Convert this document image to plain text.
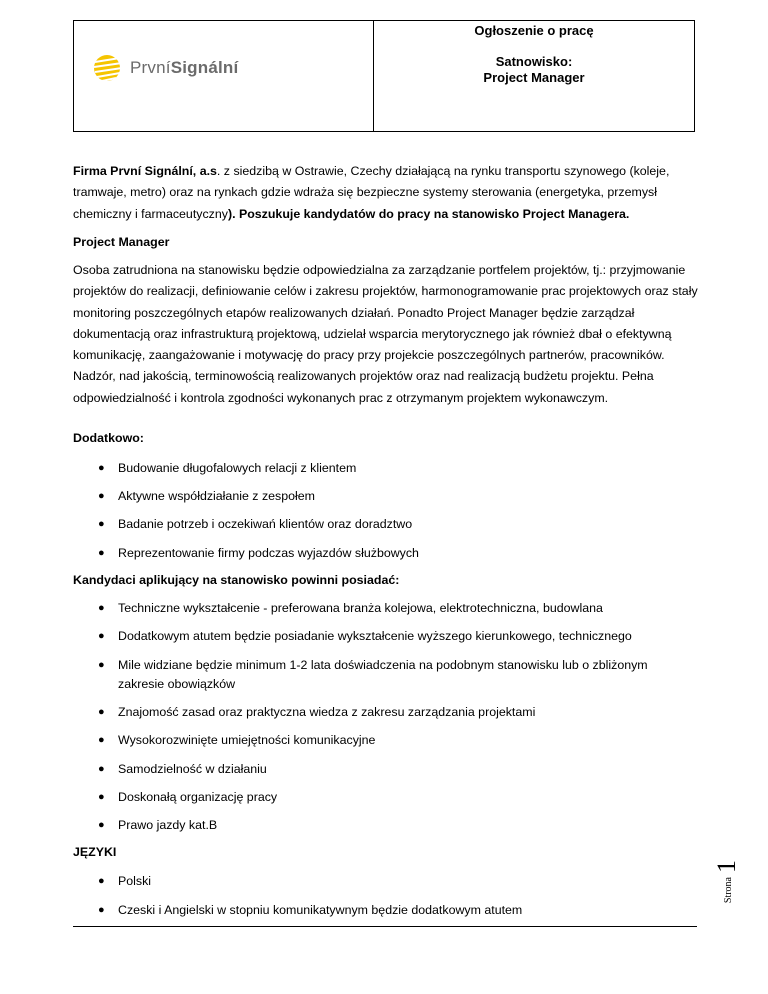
PrvníSignální
Ogłoszenie o pracę
Satnowisko:
Project Manager
Firma První Signální, a.s. z siedzibą w Ostrawie, Czechy działającą na rynku transportu szynowego (koleje, tramwaje, metro) oraz na rynkach gdzie wdraża się bezpieczne systemy sterowania (energetyka, przemysł chemiczny i farmaceutyczny). Poszukuje kandydatów do pracy na stanowisko Project Managera.
Project Manager
Osoba zatrudniona na stanowisku będzie odpowiedzialna za zarządzanie portfelem projektów, tj.: przyjmowanie projektów do realizacji, definiowanie celów i zakresu projektów, harmonogramowanie prac projektowych oraz stały monitoring poszczególnych etapów realizowanych działań. Ponadto Project Manager będzie zarządzał dokumentacją oraz infrastrukturą projektową, udzielał wsparcia merytorycznego jak również dbał o efektywną komunikację, zaangażowanie i motywację do pracy przy projekcie poszczególnych partnerów, pracowników. Nadzór, nad jakością, terminowością realizowanych projektów oraz nad realizacją budżetu projektu. Pełna odpowiedzialność i kontrola zgodności wykonanych prac z otrzymanym projektem wykonawczym.
Dodatkowo:
●	Budowanie długofalowych relacji z klientem
●	Aktywne współdziałanie z zespołem
●	Badanie potrzeb i oczekiwań klientów oraz doradztwo
●	Reprezentowanie firmy podczas wyjazdów służbowych
Kandydaci aplikujący na stanowisko powinni posiadać:
●	Techniczne wykształcenie - preferowana branża kolejowa, elektrotechniczna, budowlana
●	Dodatkowym atutem będzie posiadanie wykształcenie wyższego kierunkowego, technicznego
●	Mile widziane będzie minimum 1-2 lata doświadczenia na podobnym stanowisku lub o zbliżonym zakresie obowiązków
●	Znajomość zasad oraz praktyczna wiedza z zakresu zarządzania projektami
●	Wysokorozwinięte umiejętności komunikacyjne
●	Samodzielność w działaniu
●	Doskonałą organizację pracy
●	Prawo jazdy kat.B
JĘZYKI
●	Polski
●	Czeski i Angielski w stopniu komunikatywnym będzie dodatkowym atutem
Strona
1
